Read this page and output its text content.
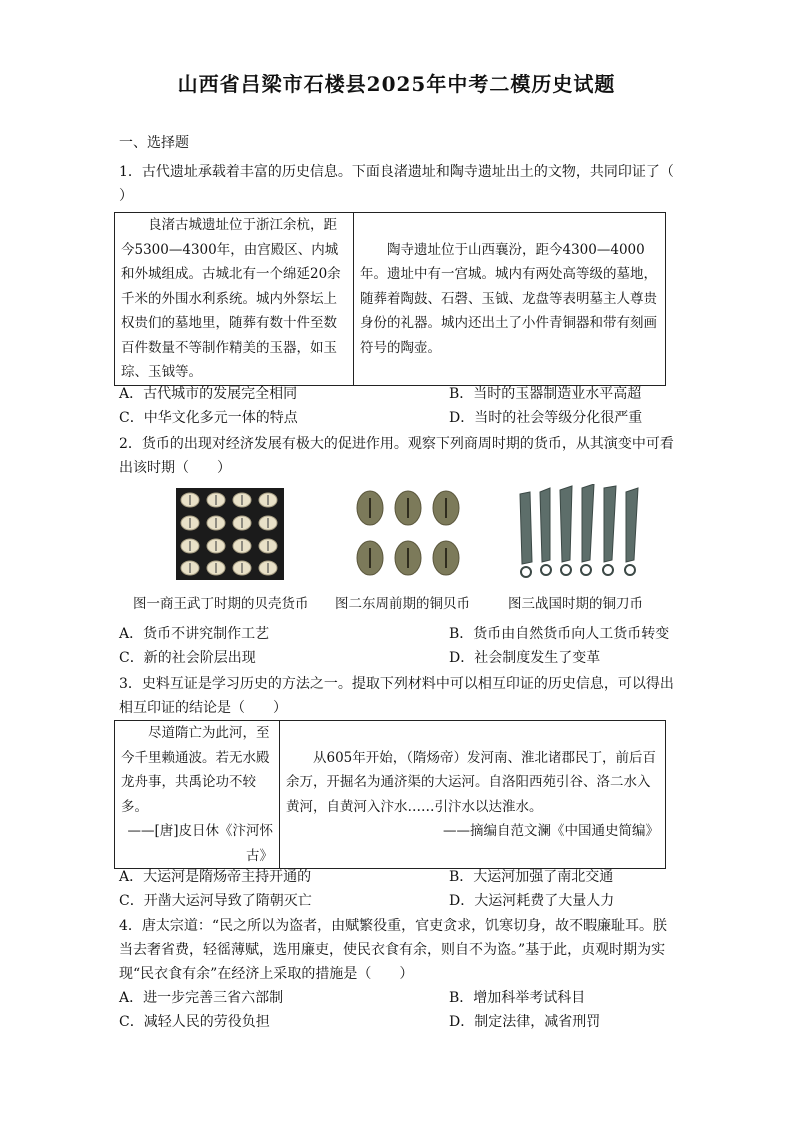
山西省吕梁市石楼县2025年中考二模历史试题
一、选择题
1．古代遗址承载着丰富的历史信息。下面良渚遗址和陶寺遗址出土的文物，共同印证了（
）
良渚古城遗址位于浙江余杭，距今5300—4300年，由宫殿区、内城和外城组成。古城北有一个绵延20余千米的外围水利系统。城内外祭坛上权贵们的墓地里，随葬有数十件至数百件数量不等制作精美的玉器，如玉琮、玉钺等。	陶寺遗址位于山西襄汾，距今4300—4000年。遗址中有一宫城。城内有两处高等级的墓地，随葬着陶鼓、石磬、玉钺、龙盘等表明墓主人尊贵身份的礼器。城内还出土了小件青铜器和带有刻画符号的陶壶。
A．古代城市的发展完全相同	B．当时的玉器制造业水平高超
C．中华文化多元一体的特点	D．当时的社会等级分化很严重
2．货币的出现对经济发展有极大的促进作用。观察下列商周时期的货币，从其演变中可看
出该时期（　　）
图一商王武丁时期的贝壳货币 图二东周前期的铜贝币	图三战国时期的铜刀币
A．货币不讲究制作工艺	B．货币由自然货币向人工货币转变
C．新的社会阶层出现	D．社会制度发生了变革
3．史料互证是学习历史的方法之一。提取下列材料中可以相互印证的历史信息，可以得出
相互印证的结论是（　　）
尽道隋亡为此河，至今千里赖通波。若无水殿龙舟事，共禹论功不较多。
——[唐]皮日休《汴河怀古》

从605年开始，（隋炀帝）发河南、淮北诸郡民丁，前后百余万，开掘名为通济渠的大运河。自洛阳西苑引谷、洛二水入黄河，自黄河入汴水……引汴水以达淮水。
——摘编自范文澜《中国通史简编》
A．大运河是隋炀帝主持开通的	B．大运河加强了南北交通
C．开凿大运河导致了隋朝灭亡	D．大运河耗费了大量人力
4．唐太宗道：“民之所以为盗者，由赋繁役重，官吏贪求，饥寒切身，故不暇廉耻耳。朕
当去奢省费，轻徭薄赋，选用廉吏，使民衣食有余，则自不为盗。”基于此，贞观时期为实
现“民衣食有余”在经济上采取的措施是（　　）
A．进一步完善三省六部制	B．增加科举考试科目
C．减轻人民的劳役负担	D．制定法律，减省刑罚
